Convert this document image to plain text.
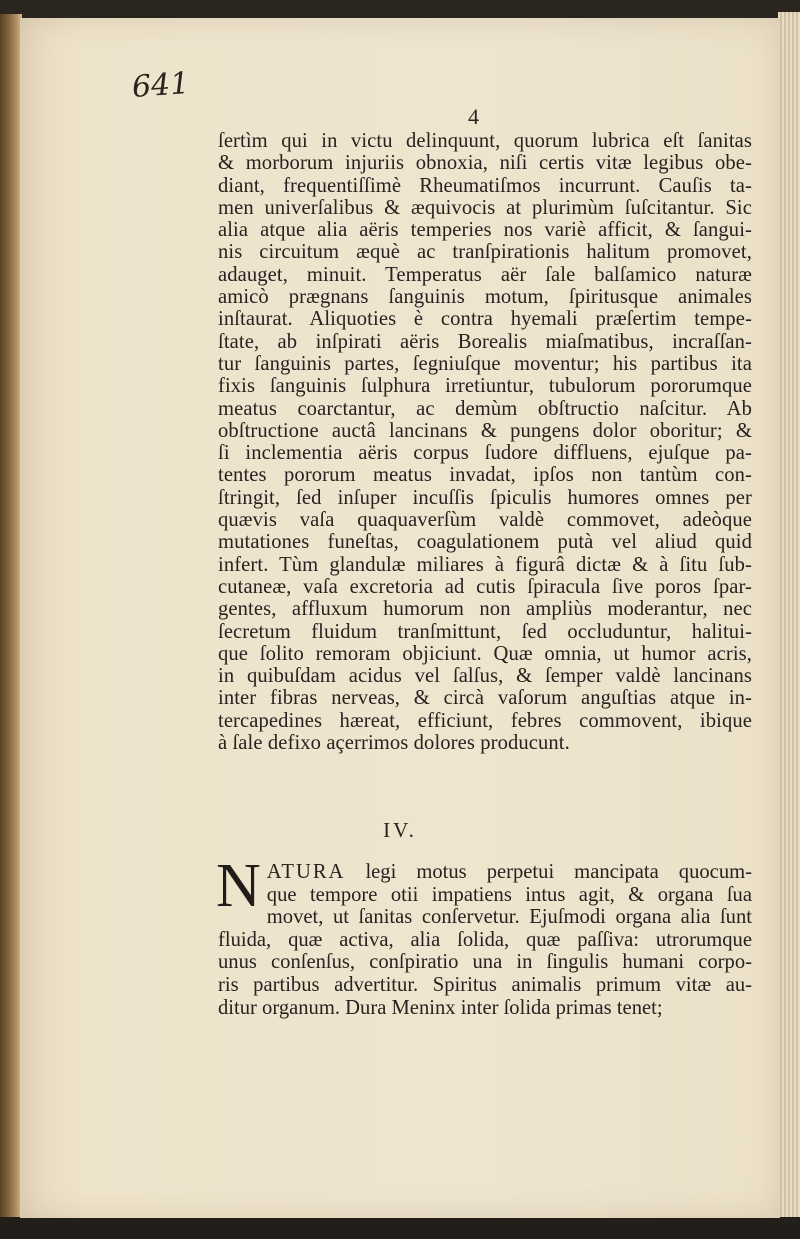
641
4
ſertìm qui in victu delinquunt, quorum lubrica eſt ſanitas
& morborum injuriis obnoxia, niſi certis vitæ legibus obe-
diant, frequentiſſimè Rheumatiſmos incurrunt. Cauſis ta-
men univerſalibus & æquivocis at plurimùm ſuſcitantur. Sic
alia atque alia aëris temperies nos variè afficit, & ſangui-
nis circuitum æquè ac tranſpirationis halitum promovet,
adauget, minuit. Temperatus aër ſale balſamico naturæ
amicò prægnans ſanguinis motum, ſpiritusque animales
inſtaurat. Aliquoties è contra hyemali præſertim tempe-
ſtate, ab inſpirati aëris Borealis miaſmatibus, incraſſan-
tur ſanguinis partes, ſegniuſque moventur; his partibus ita
fixis ſanguinis ſulphura irretiuntur, tubulorum pororumque
meatus coarctantur, ac demùm obſtructio naſcitur. Ab
obſtructione auctâ lancinans & pungens dolor oboritur; &
ſi inclementia aëris corpus ſudore diffluens, ejuſque pa-
tentes pororum meatus invadat, ipſos non tantùm con-
ſtringit, ſed inſuper incuſſis ſpiculis humores omnes per
quævis vaſa quaquaverſùm valdè commovet, adeòque
mutationes funeſtas, coagulationem putà vel aliud quid
infert. Tùm glandulæ miliares à figurâ dictæ & à ſitu ſub-
cutaneæ, vaſa excretoria ad cutis ſpiracula ſive poros ſpar-
gentes, affluxum humorum non ampliùs moderantur, nec
ſecretum fluidum tranſmittunt, ſed occluduntur, halitui-
que ſolito remoram objiciunt. Quæ omnia, ut humor acris,
in quibuſdam acidus vel ſalſus, & ſemper valdè lancinans
inter fibras nerveas, & circà vaſorum anguſtias atque in-
tercapedines hæreat, efficiunt, febres commovent, ibique
à ſale defixo açerrimos dolores producunt.
IV.
N ATURA legi motus perpetui mancipata quocum-
que tempore otii impatiens intus agit, & organa ſua
movet, ut ſanitas conſervetur. Ejuſmodi organa alia ſunt
fluida, quæ activa, alia ſolida, quæ paſſiva: utrorumque
unus conſenſus, conſpiratio una in ſingulis humani corpo-
ris partibus advertitur. Spiritus animalis primum vitæ au-
ditur organum. Dura Meninx inter ſolida primas tenet;
